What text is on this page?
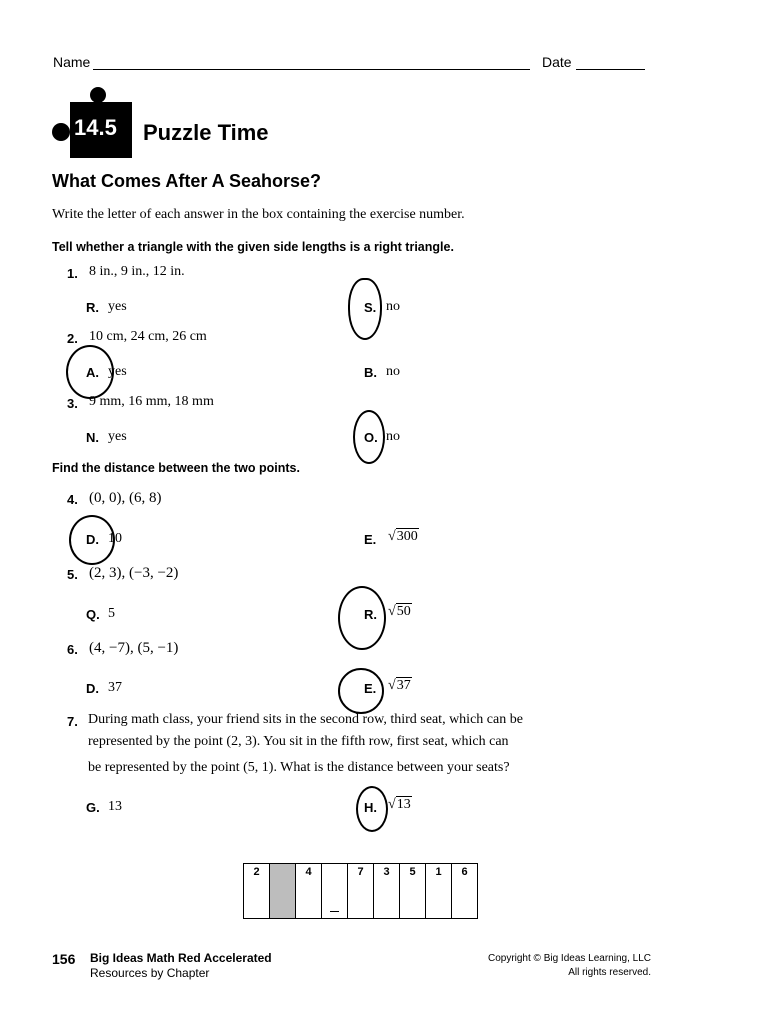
Name	Date
14.5 Puzzle Time
What Comes After A Seahorse?
Write the letter of each answer in the box containing the exercise number.
Tell whether a triangle with the given side lengths is a right triangle.
1. 8 in., 9 in., 12 in.
R. yes	S. no
2. 10 cm, 24 cm, 26 cm
A. yes	B. no
3. 9 mm, 16 mm, 18 mm
N. yes	O. no
Find the distance between the two points.
4. (0, 0), (6, 8)
D. 10	E. √300
5. (2, 3), (−3, −2)
Q. 5	R. √50
6. (4, −7), (5, −1)
D. 37	E. √37
7. During math class, your friend sits in the second row, third seat, which can be
represented by the point (2, 3). You sit in the fifth row, first seat, which can
be represented by the point (5, 1). What is the distance between your seats?
G. 13	H. √13
2		4		7	3	5	1	6
156 Big Ideas Math Red Accelerated
Resources by Chapter
Copyright © Big Ideas Learning, LLC
All rights reserved.
